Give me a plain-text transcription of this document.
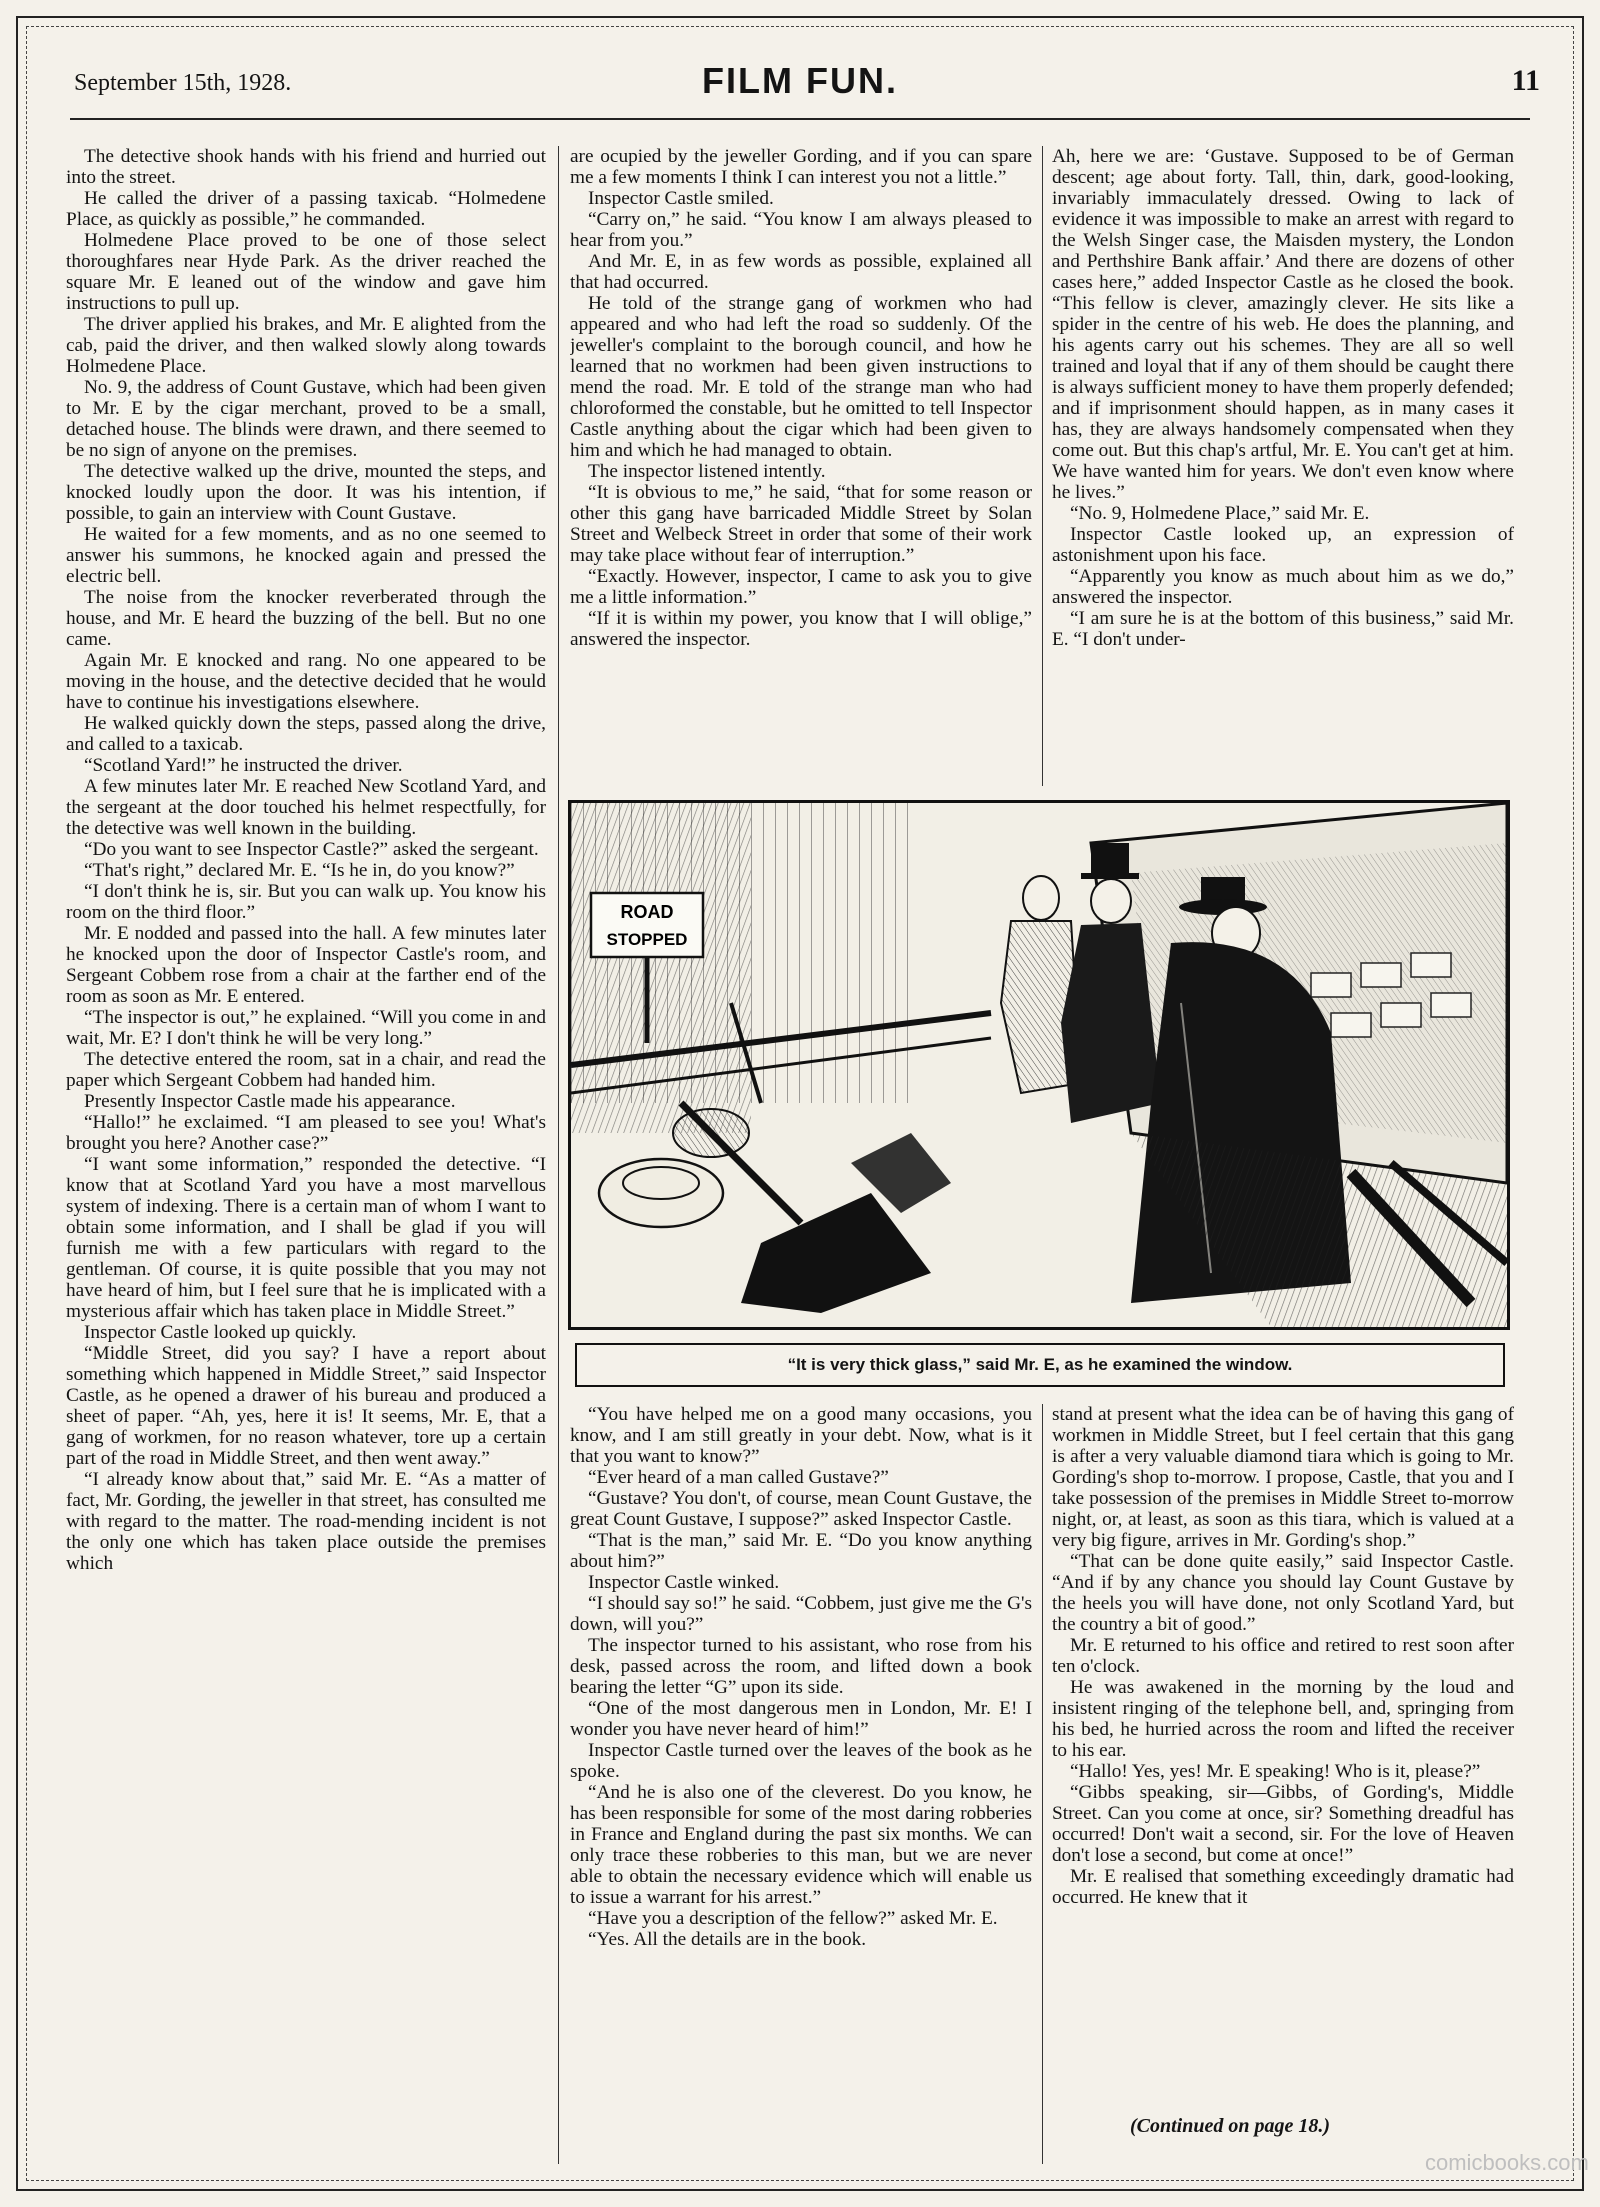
September 15th, 1928.	FILM FUN.	11

The detective shook hands with his friend and hurried out into the street.

He called the driver of a passing taxicab. “Holmedene Place, as quickly as possible,” he commanded.

Holmedene Place proved to be one of those select thoroughfares near Hyde Park. As the driver reached the square Mr. E leaned out of the window and gave him instructions to pull up.

The driver applied his brakes, and Mr. E alighted from the cab, paid the driver, and then walked slowly along towards Holmedene Place.

No. 9, the address of Count Gustave, which had been given to Mr. E by the cigar merchant, proved to be a small, detached house. The blinds were drawn, and there seemed to be no sign of anyone on the premises.

The detective walked up the drive, mounted the steps, and knocked loudly upon the door. It was his intention, if possible, to gain an interview with Count Gustave.

He waited for a few moments, and as no one seemed to answer his summons, he knocked again and pressed the electric bell.

The noise from the knocker reverberated through the house, and Mr. E heard the buzzing of the bell. But no one came.

Again Mr. E knocked and rang. No one appeared to be moving in the house, and the detective decided that he would have to continue his investigations elsewhere.

He walked quickly down the steps, passed along the drive, and called to a taxicab.

“Scotland Yard!” he instructed the driver.

A few minutes later Mr. E reached New Scotland Yard, and the sergeant at the door touched his helmet respectfully, for the detective was well known in the building.

“Do you want to see Inspector Castle?” asked the sergeant.

“That's right,” declared Mr. E. “Is he in, do you know?”

“I don't think he is, sir. But you can walk up. You know his room on the third floor.”

Mr. E nodded and passed into the hall. A few minutes later he knocked upon the door of Inspector Castle's room, and Sergeant Cobbem rose from a chair at the farther end of the room as soon as Mr. E entered.

“The inspector is out,” he explained. “Will you come in and wait, Mr. E? I don't think he will be very long.”

The detective entered the room, sat in a chair, and read the paper which Sergeant Cobbem had handed him.

Presently Inspector Castle made his appearance.

“Hallo!” he exclaimed. “I am pleased to see you! What's brought you here? Another case?”

“I want some information,” responded the detective. “I know that at Scotland Yard you have a most marvellous system of indexing. There is a certain man of whom I want to obtain some information, and I shall be glad if you will furnish me with a few particulars with regard to the gentleman. Of course, it is quite possible that you may not have heard of him, but I feel sure that he is implicated with a mysterious affair which has taken place in Middle Street.”

Inspector Castle looked up quickly.

“Middle Street, did you say? I have a report about something which happened in Middle Street,” said Inspector Castle, as he opened a drawer of his bureau and produced a sheet of paper. “Ah, yes, here it is! It seems, Mr. E, that a gang of workmen, for no reason whatever, tore up a certain part of the road in Middle Street, and then went away.”

“I already know about that,” said Mr. E. “As a matter of fact, Mr. Gording, the jeweller in that street, has consulted me with regard to the matter. The road-mending incident is not the only one which has taken place outside the premises which

are ocupied by the jeweller Gording, and if you can spare me a few moments I think I can interest you not a little.”

Inspector Castle smiled.

“Carry on,” he said. “You know I am always pleased to hear from you.”

And Mr. E, in as few words as possible, explained all that had occurred.

He told of the strange gang of workmen who had appeared and who had left the road so suddenly. Of the jeweller's complaint to the borough council, and how he learned that no workmen had been given instructions to mend the road. Mr. E told of the strange man who had chloroformed the constable, but he omitted to tell Inspector Castle anything about the cigar which had been given to him and which he had managed to obtain.

The inspector listened intently.

“It is obvious to me,” he said, “that for some reason or other this gang have barricaded Middle Street by Solan Street and Welbeck Street in order that some of their work may take place without fear of interruption.”

“Exactly. However, inspector, I came to ask you to give me a little information.”

“If it is within my power, you know that I will oblige,” answered the inspector.

Ah, here we are: ‘Gustave. Supposed to be of German descent; age about forty. Tall, thin, dark, good-looking, invariably immaculately dressed. Owing to lack of evidence it was impossible to make an arrest with regard to the Welsh Singer case, the Maisden mystery, the London and Perthshire Bank affair.’ And there are dozens of other cases here,” added Inspector Castle as he closed the book. “This fellow is clever, amazingly clever. He sits like a spider in the centre of his web. He does the planning, and his agents carry out his schemes. They are all so well trained and loyal that if any of them should be caught there is always sufficient money to have them properly defended; and if imprisonment should happen, as in many cases it has, they are always handsomely compensated when they come out. But this chap's artful, Mr. E. You can't get at him. We have wanted him for years. We don't even know where he lives.”

“No. 9, Holmedene Place,” said Mr. E.

Inspector Castle looked up, an expression of astonishment upon his face.

“Apparently you know as much about him as we do,” answered the inspector.

“I am sure he is at the bottom of this business,” said Mr. E. “I don't under-

ROAD
STOPPED
“It is very thick glass,” said Mr. E, as he examined the window.

“You have helped me on a good many occasions, you know, and I am still greatly in your debt. Now, what is it that you want to know?”

“Ever heard of a man called Gustave?”

“Gustave? You don't, of course, mean Count Gustave, the great Count Gustave, I suppose?” asked Inspector Castle.

“That is the man,” said Mr. E. “Do you know anything about him?”

Inspector Castle winked.

“I should say so!” he said. “Cobbem, just give me the G's down, will you?”

The inspector turned to his assistant, who rose from his desk, passed across the room, and lifted down a book bearing the letter “G” upon its side.

“One of the most dangerous men in London, Mr. E! I wonder you have never heard of him!”

Inspector Castle turned over the leaves of the book as he spoke.

“And he is also one of the cleverest. Do you know, he has been responsible for some of the most daring robberies in France and England during the past six months. We can only trace these robberies to this man, but we are never able to obtain the necessary evidence which will enable us to issue a warrant for his arrest.”

“Have you a description of the fellow?” asked Mr. E.

“Yes. All the details are in the book.

stand at present what the idea can be of having this gang of workmen in Middle Street, but I feel certain that this gang is after a very valuable diamond tiara which is going to Mr. Gording's shop to-morrow. I propose, Castle, that you and I take possession of the premises in Middle Street to-morrow night, or, at least, as soon as this tiara, which is valued at a very big figure, arrives in Mr. Gording's shop.”

“That can be done quite easily,” said Inspector Castle. “And if by any chance you should lay Count Gustave by the heels you will have done, not only Scotland Yard, but the country a bit of good.”

Mr. E returned to his office and retired to rest soon after ten o'clock.

He was awakened in the morning by the loud and insistent ringing of the telephone bell, and, springing from his bed, he hurried across the room and lifted the receiver to his ear.

“Hallo! Yes, yes! Mr. E speaking! Who is it, please?”

“Gibbs speaking, sir—Gibbs, of Gording's, Middle Street. Can you come at once, sir? Something dreadful has occurred! Don't wait a second, sir. For the love of Heaven don't lose a second, but come at once!”

Mr. E realised that something exceedingly dramatic had occurred. He knew that it

(Continued on page 18.)
comicbooks.com
